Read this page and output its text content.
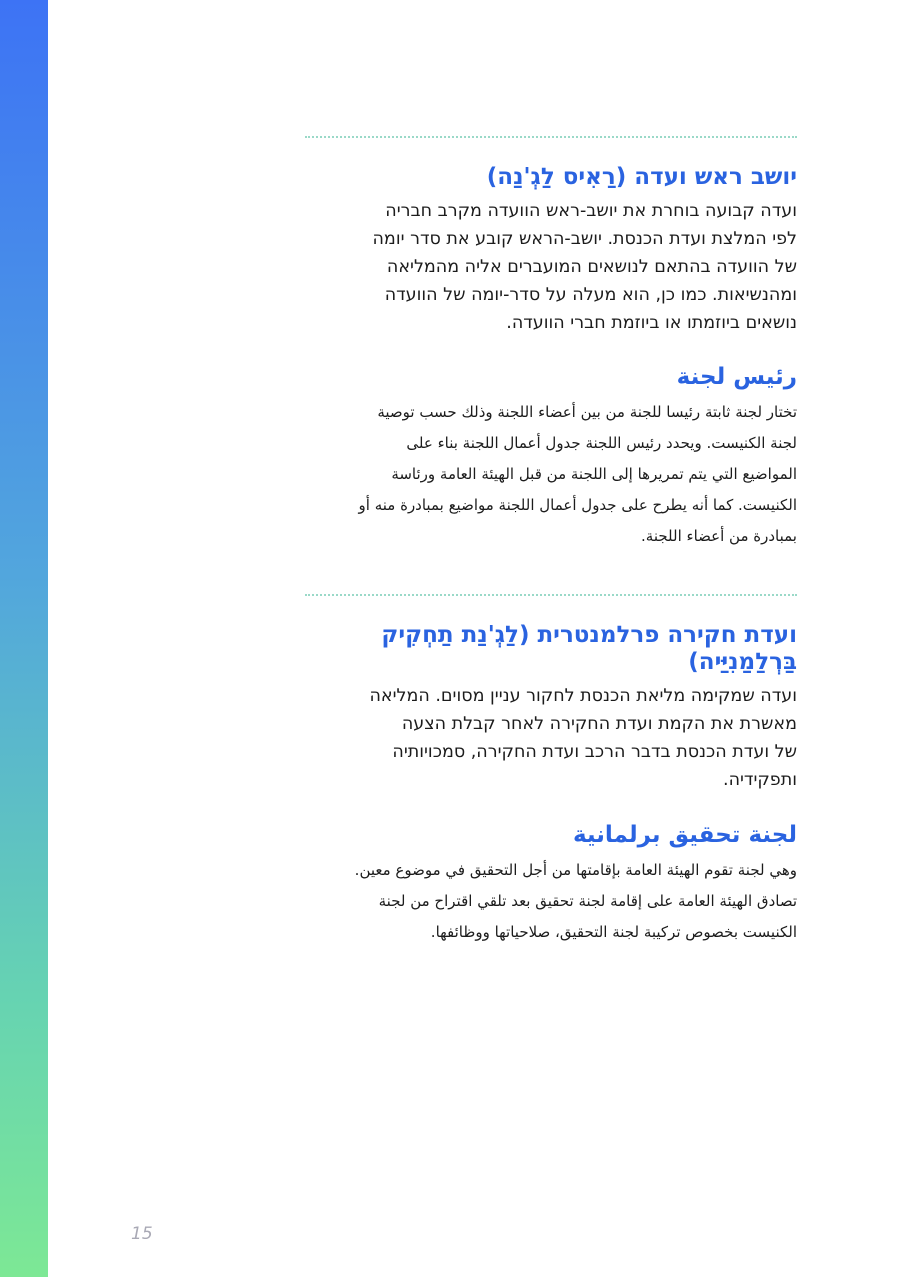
יושב ראש ועדה (רַאִיס לַגְ'נַה)
ועדה קבועה בוחרת את יושב-ראש הוועדה מקרב חבריה
לפי המלצת ועדת הכנסת. יושב-הראש קובע את סדר יומה
של הוועדה בהתאם לנושאים המועברים אליה מהמליאה
ומהנשיאות. כמו כן, הוא מעלה על סדר-יומה של הוועדה
נושאים ביוזמתו או ביוזמת חברי הוועדה.
رئيس لجنة
تختار لجنة ثابتة رئيسا للجنة من بين أعضاء اللجنة وذلك حسب توصية
لجنة الكنيست. ويحدد رئيس اللجنة جدول أعمال اللجنة بناء على
المواضيع التي يتم تمريرها إلى اللجنة من قبل الهيئة العامة ورئاسة
الكنيست. كما أنه يطرح على جدول أعمال اللجنة مواضيع بمبادرة منه أو
بمبادرة من أعضاء اللجنة.
ועדת חקירה פרלמנטרית (לַגְ'נַת תַחְקִיק
בַּרְלַמַנִיַּיה)
ועדה שמקימה מליאת הכנסת לחקור עניין מסוים. המליאה
מאשרת את הקמת ועדת החקירה לאחר קבלת הצעה
של ועדת הכנסת בדבר הרכב ועדת החקירה, סמכויותיה
ותפקידיה.
لجنة تحقيق برلمانية
وهي لجنة تقوم الهيئة العامة بإقامتها من أجل التحقيق في موضوع معين.
تصادق الهيئة العامة على إقامة لجنة تحقيق بعد تلقي اقتراح من لجنة
الكنيست بخصوص تركيبة لجنة التحقيق، صلاحياتها ووظائفها.
15
